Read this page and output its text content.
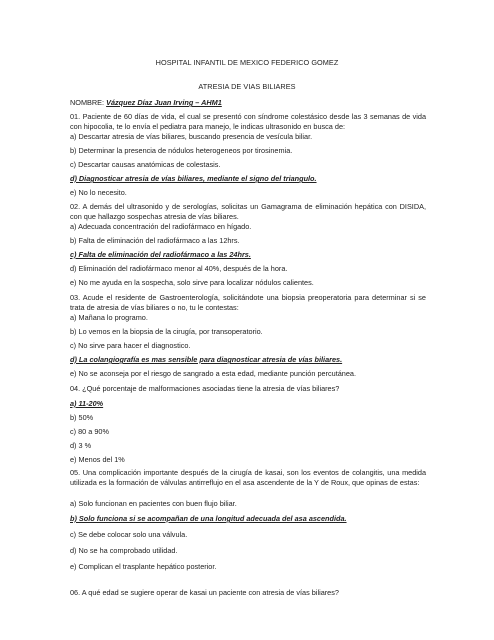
HOSPITAL INFANTIL DE MEXICO FEDERICO GOMEZ
ATRESIA DE VIAS BILIARES
NOMBRE: Vázquez Díaz Juan Irving – AHM1
01. Paciente de 60 días de vida, el cual se presentó con síndrome colestásico desde las 3 semanas de vida con hipocolia, te lo envía el pediatra para manejo, le indicas ultrasonido en busca de:
a) Descartar atresia de vías biliares, buscando presencia de vesícula biliar.
b) Determinar la presencia de nódulos heterogeneos por tirosinemia.
c) Descartar causas anatómicas de colestasis.
d) Diagnosticar atresia de vías biliares, mediante el signo del triangulo.
e) No lo necesito.
02. A demás del ultrasonido y de serologías, solicitas un Gamagrama de eliminación hepática con DISIDA, con que hallazgo sospechas atresia de vías biliares.
a) Adecuada concentración del radiofármaco en hígado.
b) Falta de eliminación del radiofármaco a las 12hrs.
c) Falta de eliminación del radiofármaco a las 24hrs.
d) Eliminación del radiofármaco menor al 40%, después de la hora.
e) No me ayuda en la sospecha, solo sirve para localizar nódulos calientes.
03. Acude el residente de Gastroenterología, solicitándote una biopsia preoperatoria para determinar si se trata de atresia de vías biliares o no, tu le contestas:
a) Mañana lo programo.
b) Lo vemos en la biopsia de la cirugía, por transoperatorio.
c) No sirve para hacer el diagnostico.
d) La colangiografía es mas sensible para diagnosticar atresia de vías biliares.
e) No se aconseja por el riesgo de sangrado a esta edad, mediante punción percutánea.
04. ¿Qué porcentaje de malformaciones asociadas tiene la atresia de vías biliares?
a) 11-20%
b) 50%
c) 80 a 90%
d) 3 %
e) Menos del 1%
05. Una complicación importante después de la cirugía de kasai, son los eventos de colangitis, una medida utilizada es la formación de válvulas antirreflujo en el asa ascendente de la Y de Roux, que opinas de estas:
a) Solo funcionan en pacientes con buen flujo biliar.
b) Solo funciona si se acompañan de una longitud adecuada del asa ascendida.
c) Se debe colocar solo una válvula.
d) No se ha comprobado utilidad.
e) Complican el trasplante hepático posterior.
06. A qué edad se sugiere operar de kasai un paciente con atresia de vías biliares?
